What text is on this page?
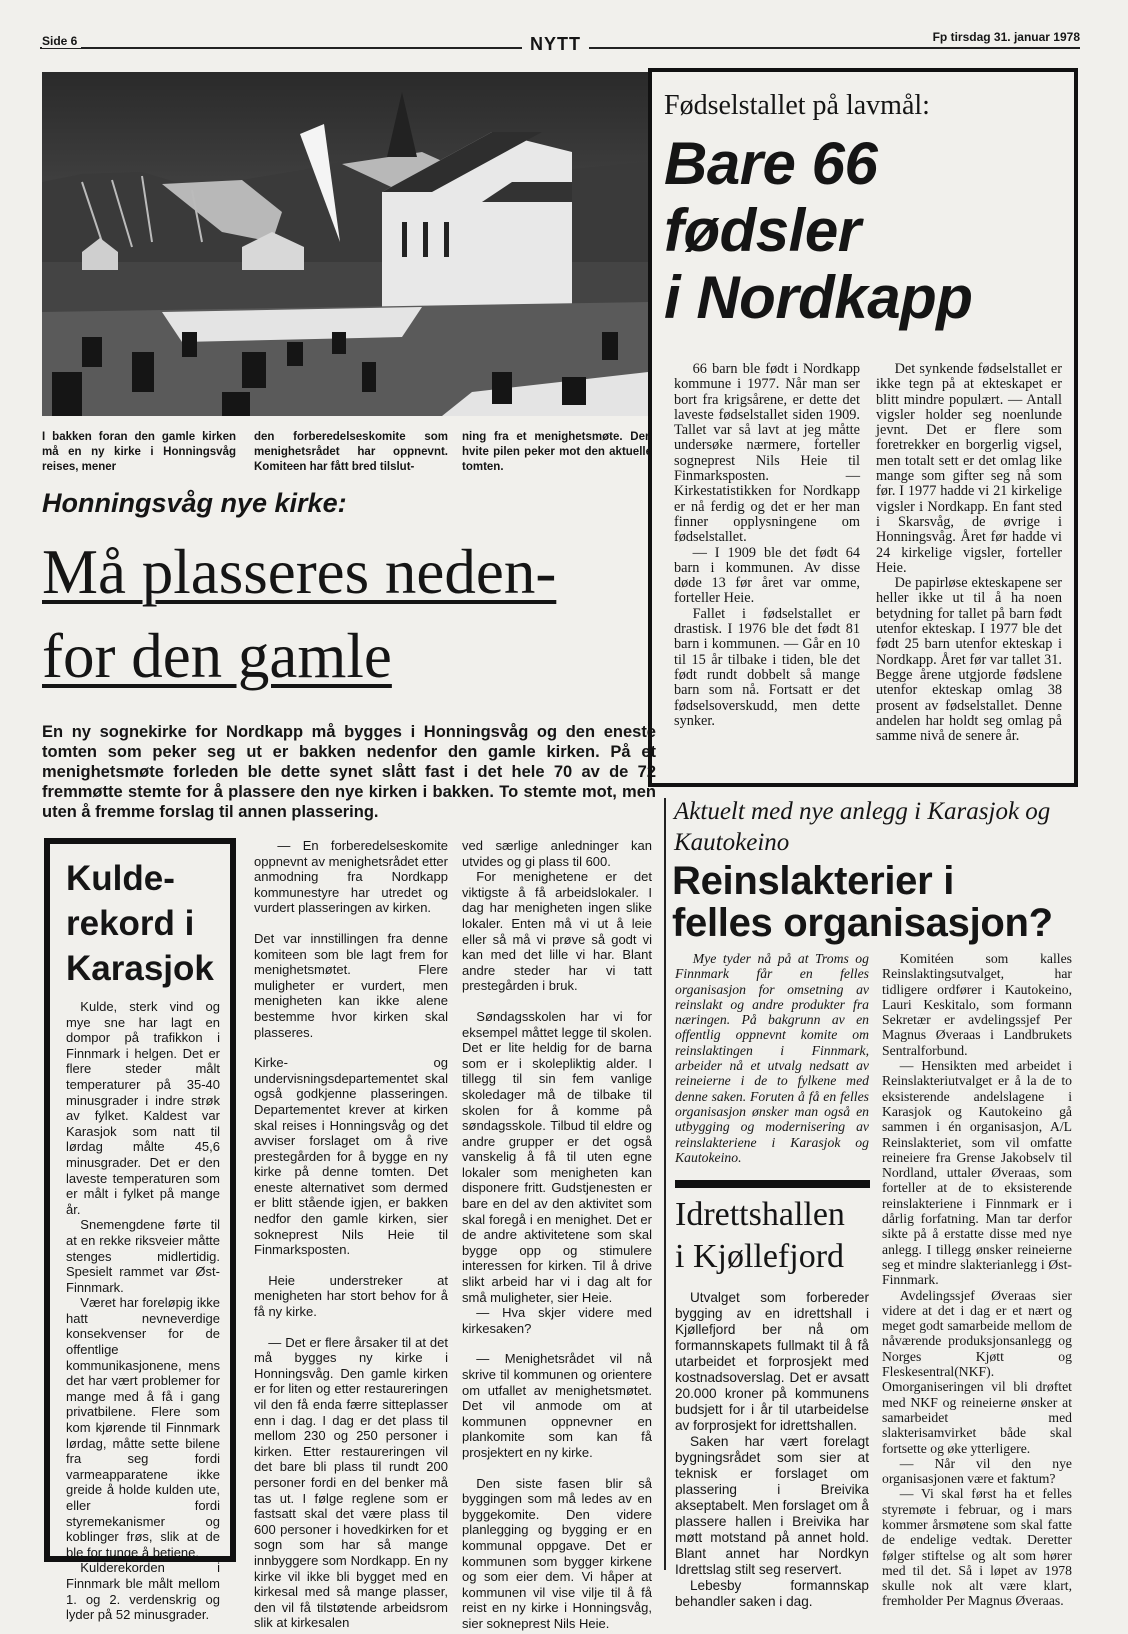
Side 6	NYTT	Fp tirsdag 31. januar 1978

I bakken foran den gamle kirken må en ny kirke i Honningsvåg reises, mener

den forberedelseskomite som menighetsrådet har oppnevnt. Komiteen har fått bred tilslut-

ning fra et menighetsmøte. Den hvite pilen peker mot den aktuelle tomten.

Honningsvåg nye kirke:
Må plasseres neden-
for den gamle

En ny sognekirke for Nordkapp må bygges i Honningsvåg og den eneste tomten som peker seg ut er bakken nedenfor den gamle kirken. På et menighetsmøte forleden ble dette synet slått fast i det hele 70 av de 72 fremmøtte stemte for å plassere den nye kirken i bakken. To stemte mot, men uten å fremme forslag til annen plassering.

Kulde-rekord i Karasjok

Kulde, sterk vind og mye sne har lagt en dompor på trafikkon i Finnmark i helgen. Det er flere steder målt temperaturer på 35-40 minusgrader i indre strøk av fylket. Kaldest var Karasjok som natt til lørdag målte 45,6 minusgrader. Det er den laveste temperaturen som er målt i fylket på mange år.

Snemengdene førte til at en rekke riksveier måtte stenges midlertidig. Spesielt rammet var Øst-Finnmark.

Været har foreløpig ikke hatt nevneverdige konsekvenser for de offentlige kommunikasjonene, mens det har vært problemer for mange med å få i gang privatbilene. Flere som kom kjørende til Finnmark lørdag, måtte sette bilene fra seg fordi varmeapparatene ikke greide å holde kulden ute, eller fordi styremekanismer og koblinger frøs, slik at de ble for tunge å betjene.

Kulderekorden i Finnmark ble målt mellom 1. og 2. verdenskrig og lyder på 52 minusgrader.

— En forberedelseskomite oppnevnt av menighetsrådet etter anmodning fra Nordkapp kommunestyre har utredet og vurdert plasseringen av kirken.

Det var innstillingen fra denne komiteen som ble lagt frem for menighetsmøtet. Flere muligheter er vurdert, men menigheten kan ikke alene bestemme hvor kirken skal plasseres.

Kirke- og undervisningsdepartementet skal også godkjenne plasseringen. Departementet krever at kirken skal reises i Honningsvåg og det avviser forslaget om å rive prestegården for å bygge en ny kirke på denne tomten. Det eneste alternativet som dermed er blitt stående igjen, er bakken nedfor den gamle kirken, sier sokneprest Nils Heie til Finmarksposten.

Heie understreker at menigheten har stort behov for å få ny kirke.

— Det er flere årsaker til at det må bygges ny kirke i Honningsvåg. Den gamle kirken er for liten og etter restaureringen vil den få enda færre sitteplasser enn i dag. I dag er det plass til mellom 230 og 250 personer i kirken. Etter restaureringen vil det bare bli plass til rundt 200 personer fordi en del benker må tas ut. I følge reglene som er fastsatt skal det være plass til 600 personer i hovedkirken for et sogn som har så mange innbyggere som Nordkapp. En ny kirke vil ikke bli bygget med en kirkesal med så mange plasser, den vil få tilstøtende arbeidsrom slik at kirkesalen

ved særlige anledninger kan utvides og gi plass til 600.

For menighetene er det viktigste å få arbeidslokaler. I dag har menigheten ingen slike lokaler. Enten må vi ut å leie eller så må vi prøve så godt vi kan med det lille vi har. Blant andre steder har vi tatt prestegården i bruk.

Søndagsskolen har vi for eksempel måttet legge til skolen. Det er lite heldig for de barna som er i skolepliktig alder. I tillegg til sin fem vanlige skoledager må de tilbake til skolen for å komme på søndagsskole. Tilbud til eldre og andre grupper er det også vanskelig å få til uten egne lokaler som menigheten kan disponere fritt. Gudstjenesten er bare en del av den aktivitet som skal foregå i en menighet. Det er de andre aktivitetene som skal bygge opp og stimulere interessen for kirken. Til å drive slikt arbeid har vi i dag alt for små muligheter, sier Heie.

— Hva skjer videre med kirkesaken?

— Menighetsrådet vil nå skrive til kommunen og orientere om utfallet av menighetsmøtet. Det vil anmode om at kommunen oppnevner en plankomite som kan få prosjektert en ny kirke.

Den siste fasen blir så byggingen som må ledes av en byggekomite. Den videre planlegging og bygging er en kommunal oppgave. Det er kommunen som bygger kirkene og som eier dem. Vi håper at kommunen vil vise vilje til å få reist en ny kirke i Honningsvåg, sier sokneprest Nils Heie.

Fødselstallet på lavmål:
Bare 66
fødsler
i Nordkapp

66 barn ble født i Nordkapp kommune i 1977. Når man ser bort fra krigsårene, er dette det laveste fødselstallet siden 1909. Tallet var så lavt at jeg måtte undersøke nærmere, forteller sogneprest Nils Heie til Finmarksposten. — Kirkestatistikken for Nordkapp er nå ferdig og det er her man finner opplysningene om fødselstallet.

— I 1909 ble det født 64 barn i kommunen. Av disse døde 13 før året var omme, forteller Heie.

Fallet i fødselstallet er drastisk. I 1976 ble det født 81 barn i kommunen. — Går en 10 til 15 år tilbake i tiden, ble det født rundt dobbelt så mange barn som nå. Fortsatt er det fødselsoverskudd, men dette synker.

Det synkende fødselstallet er ikke tegn på at ekteskapet er blitt mindre populært. — Antall vigsler holder seg noenlunde jevnt. Det er flere som foretrekker en borgerlig vigsel, men totalt sett er det omlag like mange som gifter seg nå som før. I 1977 hadde vi 21 kirkelige vigsler i Nordkapp. En fant sted i Skarsvåg, de øvrige i Honningsvåg. Året før hadde vi 24 kirkelige vigsler, forteller Heie.

De papirløse ekteskapene ser heller ikke ut til å ha noen betydning for tallet på barn født utenfor ekteskap. I 1977 ble det født 25 barn utenfor ekteskap i Nordkapp. Året før var tallet 31. Begge årene utgjorde fødslene utenfor ekteskap omlag 38 prosent av fødselstallet. Denne andelen har holdt seg omlag på samme nivå de senere år.

Aktuelt med nye anlegg i Karasjok og Kautokeino
Reinslakterier i
felles organisasjon?

Mye tyder nå på at Troms og Finnmark får en felles organisasjon for omsetning av reinslakt og andre produkter fra næringen. På bakgrunn av en offentlig oppnevnt komite om reinslaktingen i Finnmark, arbeider nå et utvalg nedsatt av reineierne i de to fylkene med denne saken. Foruten å få en felles organisasjon ønsker man også en utbygging og modernisering av reinslakteriene i Karasjok og Kautokeino.

Komitéen som kalles Reinslaktingsutvalget, har tidligere ordfører i Kautokeino, Lauri Keskitalo, som formann Sekretær er avdelingssjef Per Magnus Øveraas i Landbrukets Sentralforbund.

— Hensikten med arbeidet i Reinslakteriutvalget er å la de to eksisterende andelslagene i Karasjok og Kautokeino gå sammen i én organisasjon, A/L Reinslakteriet, som vil omfatte reineiere fra Grense Jakobselv til Nordland, uttaler Øveraas, som forteller at de to eksisterende reinslakteriene i Finnmark er i dårlig forfatning. Man tar derfor sikte på å erstatte disse med nye anlegg. I tillegg ønsker reineierne seg et mindre slakterianlegg i Øst-Finnmark.

Avdelingssjef Øveraas sier videre at det i dag er et nært og meget godt samarbeide mellom de nåværende produksjonsanlegg og Norges Kjøtt og Fleskesentral(NKF). Omorganiseringen vil bli drøftet med NKF og reineierne ønsker at samarbeidet med slakterisamvirket både skal fortsette og øke ytterligere.

— Når vil den nye organisasjonen være et faktum?

— Vi skal først ha et felles styremøte i februar, og i mars kommer årsmøtene som skal fatte de endelige vedtak. Deretter følger stiftelse og alt som hører med til det. Så i løpet av 1978 skulle nok alt være klart, fremholder Per Magnus Øveraas.

Idrettshallen
i Kjøllefjord

Utvalget som forbereder bygging av en idrettshall i Kjøllefjord ber nå om formannskapets fullmakt til å få utarbeidet et forprosjekt med kostnadsoverslag. Det er avsatt 20.000 kroner på kommunens budsjett for i år til utarbeidelse av forprosjekt for idrettshallen.

Saken har vært forelagt bygningsrådet som sier at teknisk er forslaget om plassering i Breivika akseptabelt. Men forslaget om å plassere hallen i Breivika har møtt motstand på annet hold. Blant annet har Nordkyn Idrettslag stilt seg reservert.

Lebesby formannskap behandler saken i dag.
